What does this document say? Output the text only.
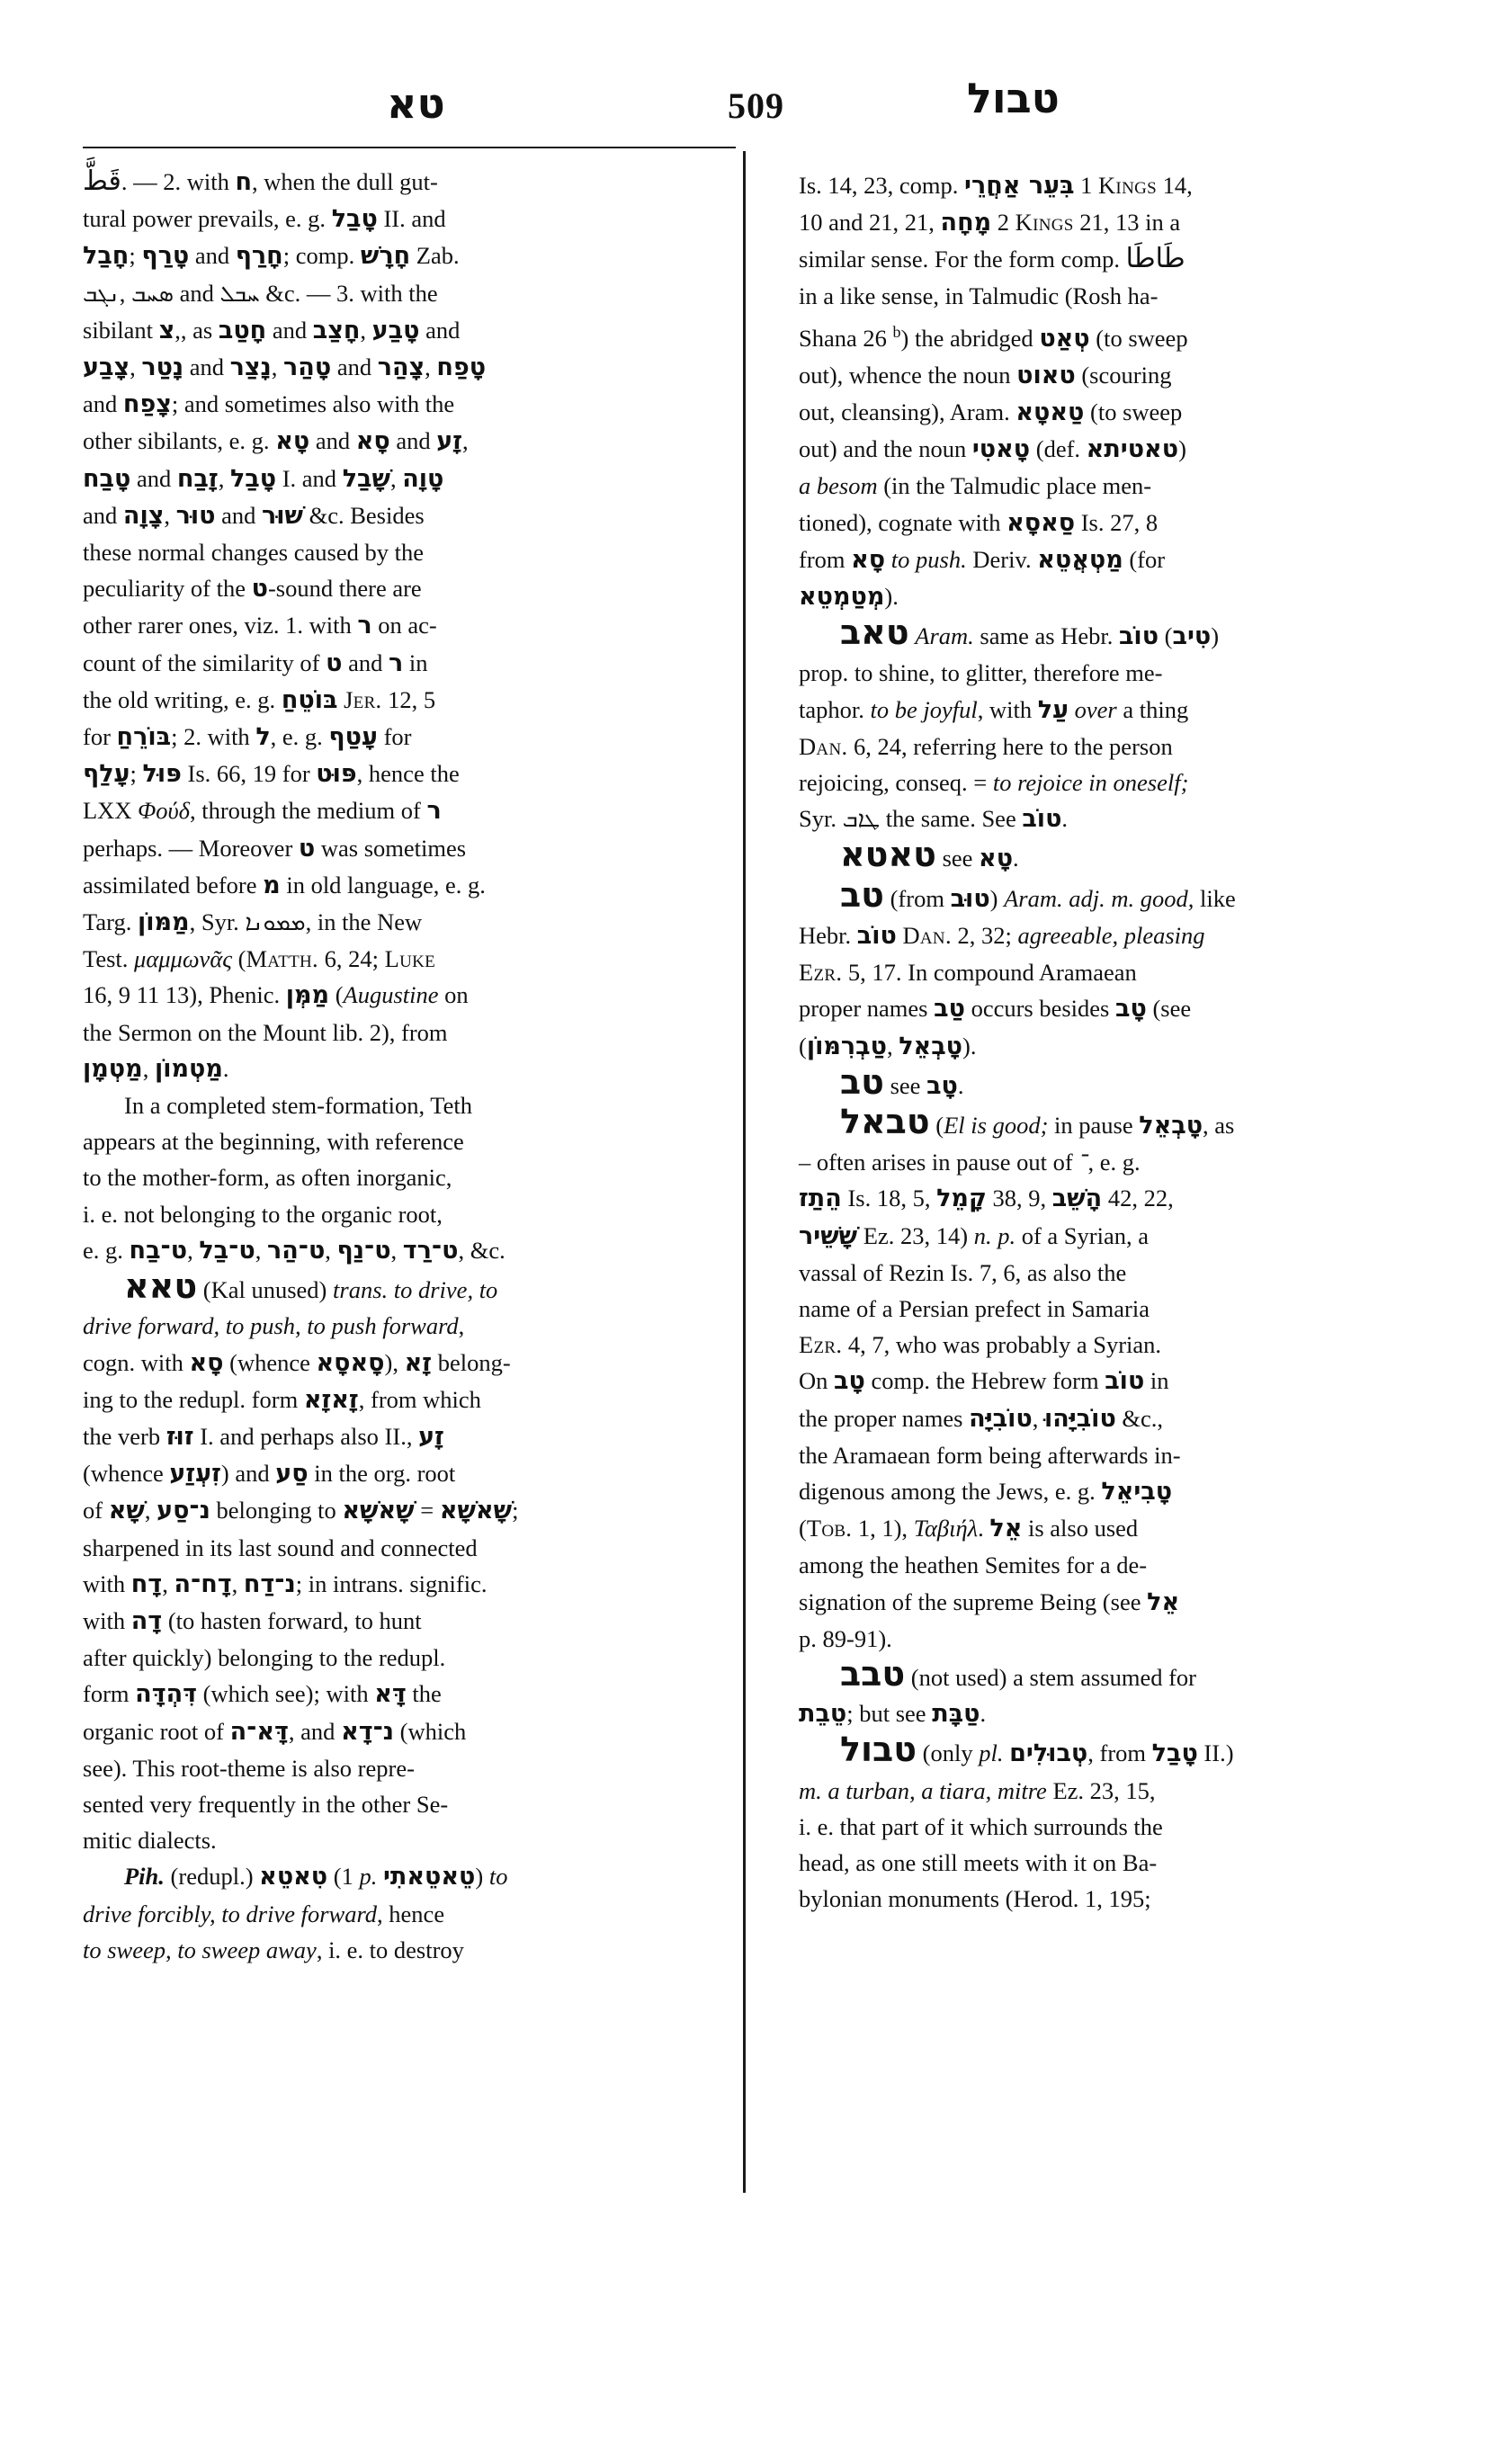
טא	509	טבול

قَطَّ. — 2. with ח, when the dull gut-
tural power prevails, e. g. טָבַל II. and
חָבַל; טָרַף and חָרַף; comp. חָרָשׁ Zab.
ܢܓܒ, ܣܚܒ and ܚܒܠ &c. — 3. with the
sibilant צ,, as חָטַב and חָצַב, טָבַע and
צָבַע, נָטַר and נָצַר, טָהַר and צָהַר, טָפַח
and צָפַח; and sometimes also with the
other sibilants, e. g. טָא and סָא and זָע,
טָבַח and זָבַח, טָבַל I. and שָׁבַל, טָוָה
and צָוָה, טוּר and שׁוּר &c. Besides
these normal changes caused by the
peculiarity of the ט-sound there are
other rarer ones, viz. 1. with ר on ac-
count of the similarity of ט and ר in
the old writing, e. g. בּוֹטֵחַ Jer. 12, 5
for בּוֹרֵחַ; 2. with ל, e. g. עָטַף for
עָלַף; פּוּל Is. 66, 19 for פּוּט, hence the
LXX Φούδ, through the medium of ר
perhaps. — Moreover ט was sometimes
assimilated before מ in old language, e. g.
Targ. מַמּוֹן, Syr. ܡܡܘܢܐ, in the New
Test. μαμμωνᾶς (Matth. 6, 24; Luke
16, 9 11 13), Phenic. מַמְּן (Augustine on
the Sermon on the Mount lib. 2), from
מַטְמָן, מַטְמוֹן.

In a completed stem-formation, Teth
appears at the beginning, with reference
to the mother-form, as often inorganic,
i. e. not belonging to the organic root,
e. g. ט־בַח, ט־בַל, ט־הַר, ט־נַף, ט־רַד, &c.

טאא (Kal unused) trans. to drive, to
drive forward, to push, to push forward,
cogn. with סָא (whence סָאסָא), זָא belong-
ing to the redupl. form זָאזָא, from which
the verb זוּז I. and perhaps also II., זָע
(whence זִעְזַע) and סַע in the org. root
of שָׁא, נ־סַע belonging to שָׁאשָׁא = שָׁאשָׁא;
sharpened in its last sound and connected
with דָח, דָח־ה, נ־דַח; in intrans. signific.
with דָה (to hasten forward, to hunt
after quickly) belonging to the redupl.
form דִּהְדָּה (which see); with דָּא the
organic root of דָּא־ה, and נ־דָא (which
see). This root-theme is also repre-
sented very frequently in the other Se-
mitic dialects.

Pih. (redupl.) טִאטֵא (1 p. טֵאטֵאתִי) to
drive forcibly, to drive forward, hence
to sweep, to sweep away, i. e. to destroy

Is. 14, 23, comp. בִּעֵר אַחֲרֵי 1 Kings 14,
10 and 21, 21, מָחָה 2 Kings 21, 13 in a
similar sense. For the form comp. طَاطَا
in a like sense, in Talmudic (Rosh ha-
Shana 26 $^b$) the abridged טְאַט (to sweep
out), whence the noun טאוט (scouring
out, cleansing), Aram. טַאטָא (to sweep
out) and the noun טָאטִי (def. טאטיתא)
a besom (in the Talmudic place men-
tioned), cognate with סַאסָא Is. 27, 8
from סָא to push. Deriv. מַטְאֲטֵא (for
מְטַמְטֵא).

טאב Aram. same as Hebr. טוֹב (טִיב)
prop. to shine, to glitter, therefore me-
taphor. to be joyful, with עַל over a thing
Dan. 6, 24, referring here to the person
rejoicing, conseq. = to rejoice in oneself;
Syr. ܛܐܒ the same. See טוֹב.

טאטא see טָא.

טב (from טוּב) Aram. adj. m. good, like
Hebr. טוֹב Dan. 2, 32; agreeable, pleasing
Ezr. 5, 17. In compound Aramaean
proper names טַב occurs besides טָב (see
(טַבְרִמּוֹן, טָבְאֵל).

טב see טָב.

טבאל (El is good; in pause טָבְאֵל, as
– often arises in pause out of ־, e. g.
הֵתַז Is. 18, 5, קָמֵל 38, 9, הָשֵׁב 42, 22,
שָׁשֵׁיר Ez. 23, 14) n. p. of a Syrian, a
vassal of Rezin Is. 7, 6, as also the
name of a Persian prefect in Samaria
Ezr. 4, 7, who was probably a Syrian.
On טָב comp. the Hebrew form טוֹב in
the proper names טוֹבִיָּה, טוֹבִיָּהוּ &c.,
the Aramaean form being afterwards in-
digenous among the Jews, e. g. טָבִיאֵל
(Tob. 1, 1), Ταβιήλ. אֵל is also used
among the heathen Semites for a de-
signation of the supreme Being (see אֵל
p. 89-91).

טבב (not used) a stem assumed for
טֵבֵת; but see טַבָּת.

טבול (only pl. טְבוּלִים, from טָבַל II.)
m. a turban, a tiara, mitre Ez. 23, 15,
i. e. that part of it which surrounds the
head, as one still meets with it on Ba-
bylonian monuments (Herod. 1, 195;
